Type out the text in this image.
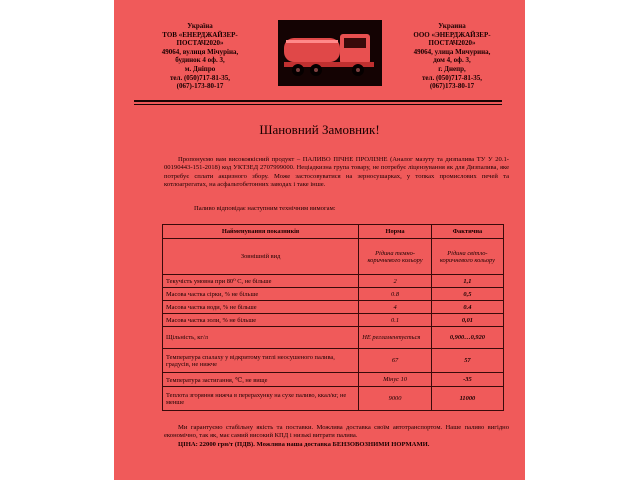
Україна
ТОВ «ЕНЕРДЖАЙЗЕР-
ПОСТАЧ2020»
49064, вулиця Мічуріна,
будинок 4 оф. 3,
м. Дніпро
тел. (050)717-81-35,
(067)-173-80-17
Украина
ООО «ЭНЕРДЖАЙЗЕР-
ПОСТАЧ2020»
49064, улица Мичурина,
дом 4, оф. 3,
г. Днепр,
тел. (050)717-81-35,
(067)173-80-17
Шановний Замовник!

Пропонуємо вам високоякісний продукт – ПАЛИВО ПІЧНЕ ПРОЛІЗНЕ (Аналог мазуту та дизпалива ТУ У 20.1-00190443-151-2018) код УКТЗЕД 2707999000. Неціадкизна група товару, не потребує ліцензування як для Дизпалива, яке потребує сплати акцизного збору. Може застосовуватися на зерносушарках, у топках промислових печей та котлоагрегатах, на асфальтобетонних заводах і таке інше.

Паливо відповідає наступним технічним вимогам:
Найменування показників	Норма	Фактична
Зовнішній вид	Рідина темно-коричневого кольору	Рідина світло-коричневого кольору
Текучість умовна при 80⁰ С, не більше	2	1,1
Масова частка сірки, % не більше	0.8	0,5
Масова частка води, % не більше	4	0.4
Масова частка золи, % не більше	0.1	0,01
Щільність, кг/л	НЕ регламентується	0,900…0,920
Температура спалаху у відкритому тиглі неосушеного палива, градусів, не нижче	67	57
Температура застигання, ℃, не вище	Мінус 10	-35
Теплота згоряння нижча в перерахунку на сухе паливо, ккал/кг, не менше	9000	11000

Ми гарантуємо стабільну якість та поставки. Можлива доставка своїм автотранспортом. Наше паливо вигідно економічно, так як, має самий високий КПД і низькі витрати палива.

ЦІНА: 22000 грн/т (ПДВ). Можлива наша доставка БЕНЗОВОЗНИМИ НОРМАМИ.
